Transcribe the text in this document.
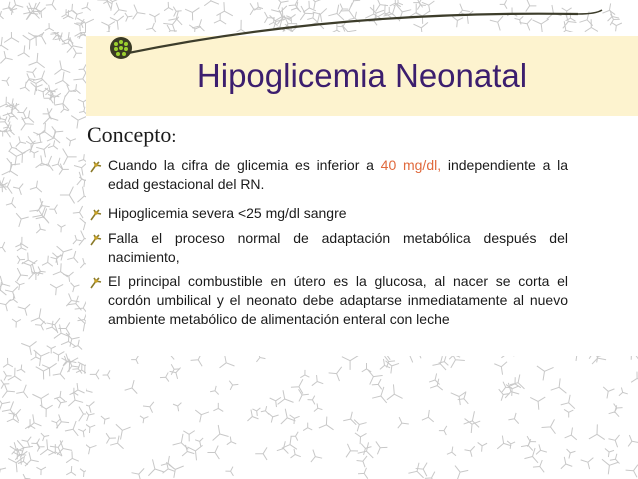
Hipoglicemia Neonatal
Concepto:
Cuando la cifra de glicemia es inferior a 40 mg/dl, independiente a la edad gestacional del RN.
Hipoglicemia severa <25 mg/dl sangre
Falla el proceso normal de adaptación metabólica después del nacimiento,
El principal combustible en útero es la glucosa, al nacer se corta el cordón umbilical y el neonato debe adaptarse inmediatamente al nuevo ambiente metabólico de alimentación enteral con leche
